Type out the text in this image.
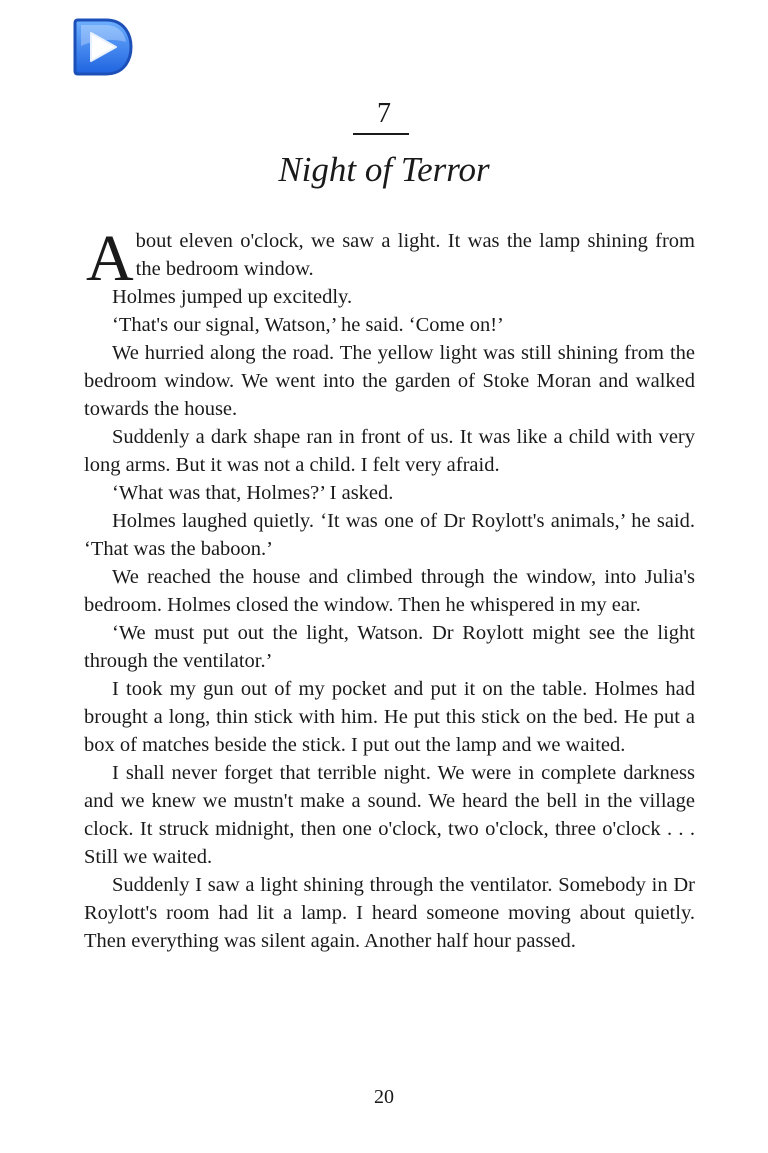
7
Night of Terror

About eleven o'clock, we saw a light. It was the lamp shining from the bedroom window.

Holmes jumped up excitedly.

‘That's our signal, Watson,’ he said. ‘Come on!’

We hurried along the road. The yellow light was still shining from the bedroom window. We went into the garden of Stoke Moran and walked towards the house.

Suddenly a dark shape ran in front of us. It was like a child with very long arms. But it was not a child. I felt very afraid.

‘What was that, Holmes?’ I asked.

Holmes laughed quietly. ‘It was one of Dr Roylott's animals,’ he said. ‘That was the baboon.’

We reached the house and climbed through the window, into Julia's bedroom. Holmes closed the window. Then he whispered in my ear.

‘We must put out the light, Watson. Dr Roylott might see the light through the ventilator.’

I took my gun out of my pocket and put it on the table. Holmes had brought a long, thin stick with him. He put this stick on the bed. He put a box of matches beside the stick. I put out the lamp and we waited.

I shall never forget that terrible night. We were in complete darkness and we knew we mustn't make a sound. We heard the bell in the village clock. It struck midnight, then one o'clock, two o'clock, three o'clock . . . Still we waited.

Suddenly I saw a light shining through the ventilator. Somebody in Dr Roylott's room had lit a lamp. I heard someone moving about quietly. Then everything was silent again. Another half hour passed.

20
